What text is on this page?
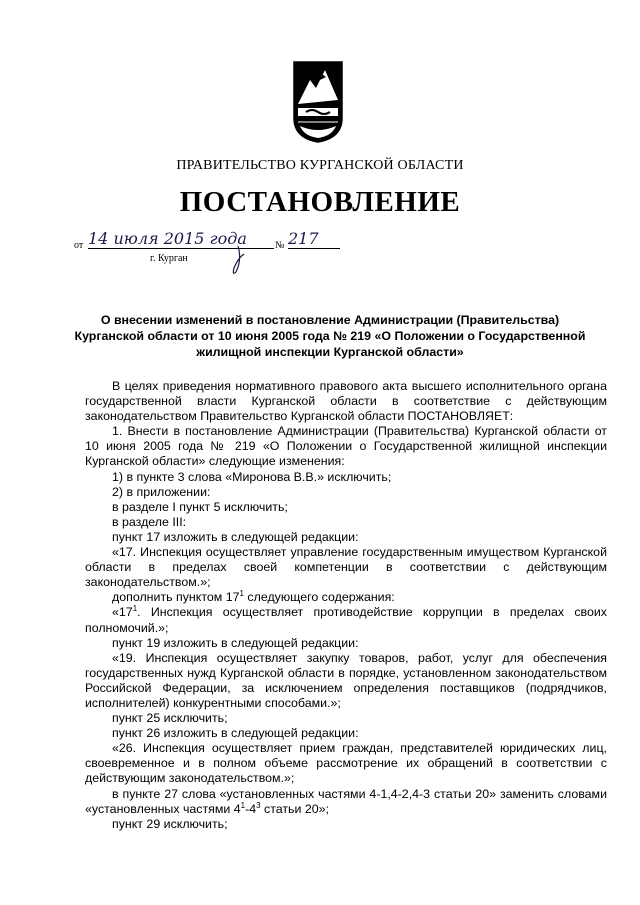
ПРАВИТЕЛЬСТВО КУРГАНСКОЙ ОБЛАСТИ
ПОСТАНОВЛЕНИЕ
от 14 июля 2015 года	№ 217
г. Курган
О внесении изменений в постановление Администрации (Правительства) Курганской области от 10 июня 2005 года № 219 «О Положении о Государственной жилищной инспекции Курганской области»

В целях приведения нормативного правового акта высшего исполнительного органа государственной власти Курганской области в соответствие с действующим законодательством Правительство Курганской области ПОСТАНОВЛЯЕТ:

1. Внести в постановление Администрации (Правительства) Курганской области от 10 июня 2005 года № 219 «О Положении о Государственной жилищной инспекции Курганской области» следующие изменения:

1) в пункте 3 слова «Миронова В.В.» исключить;

2) в приложении:

в разделе I пункт 5 исключить;

в разделе III:

пункт 17 изложить в следующей редакции:

«17. Инспекция осуществляет управление государственным имуществом Курганской области в пределах своей компетенции в соответствии с действующим законодательством.»;

дополнить пунктом $17^1$ следующего содержания:

«$17^1$. Инспекция осуществляет противодействие коррупции в пределах своих полномочий.»;

пункт 19 изложить в следующей редакции:

«19. Инспекция осуществляет закупку товаров, работ, услуг для обеспечения государственных нужд Курганской области в порядке, установленном законодательством Российской Федерации, за исключением определения поставщиков (подрядчиков, исполнителей) конкурентными способами.»;

пункт 25 исключить;

пункт 26 изложить в следующей редакции:

«26. Инспекция осуществляет прием граждан, представителей юридических лиц, своевременное и в полном объеме рассмотрение их обращений в соответствии с действующим законодательством.»;

в пункте 27 слова «установленных частями 4-1,4-2,4-3 статьи 20» заменить словами «установленных частями $4^1-4^3$ статьи 20»;

пункт 29 исключить;
